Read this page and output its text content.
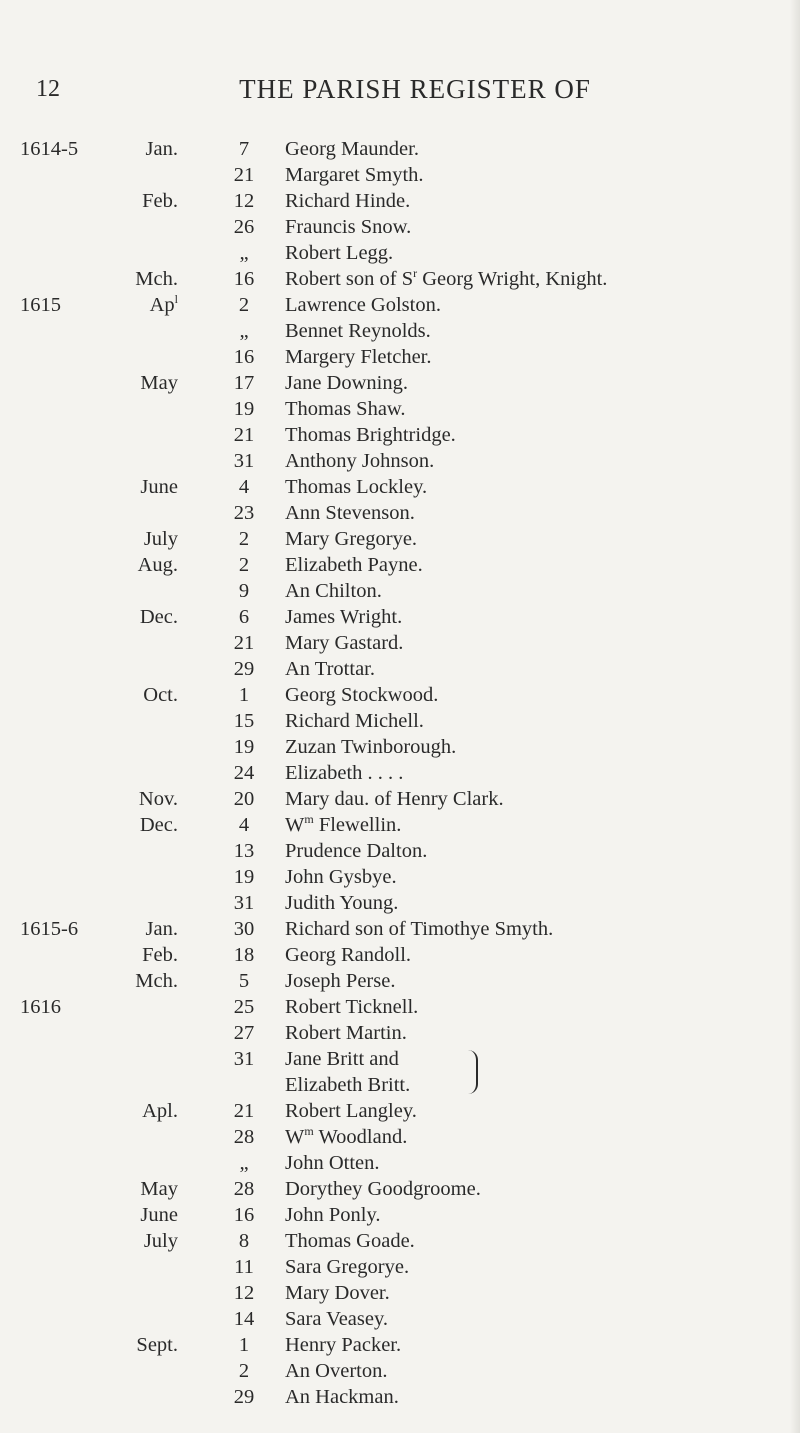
12	THE PARISH REGISTER OF
1614-5	Jan.	7	Georg Maunder.
21 Margaret Smyth.
Feb.	12 Richard Hinde.
26 Frauncis Snow.
„	Robert Legg.
Mch.	16 Robert son of $S^r$ Georg Wright, Knight.
1615	Ap$^l$	2	Lawrence Golston.
„	Bennet Reynolds.
16 Margery Fletcher.
May	17 Jane Downing.
19 Thomas Shaw.
21 Thomas Brightridge.
31 Anthony Johnson.
June	4	Thomas Lockley.
23 Ann Stevenson.
July	2	Mary Gregorye.
Aug.	2	Elizabeth Payne.
9	An Chilton.
Dec.	6	James Wright.
21 Mary Gastard.
29 An Trottar.
Oct.	1	Georg Stockwood.
15 Richard Michell.
19 Zuzan Twinborough.
24 Elizabeth . . . .
Nov.	20 Mary dau. of Henry Clark.
Dec.	4	$W^m$ Flewellin.
13 Prudence Dalton.
19 John Gysbye.
31 Judith Young.
1615-6	Jan.	30 Richard son of Timothye Smyth.
Feb.	18 Georg Randoll.
Mch.	5	Joseph Perse.
1616	25 Robert Ticknell.
27 Robert Martin.
31 Jane Britt and
Elizabeth Britt.
Apl.	21 Robert Langley.
28 $W^m$ Woodland.
„	John Otten.
May	28 Dorythey Goodgroome.
June	16 John Ponly.
July	8	Thomas Goade.
11 Sara Gregorye.
12 Mary Dover.
14 Sara Veasey.
Sept.	1	Henry Packer.
2	An Overton.
29 An Hackman.
